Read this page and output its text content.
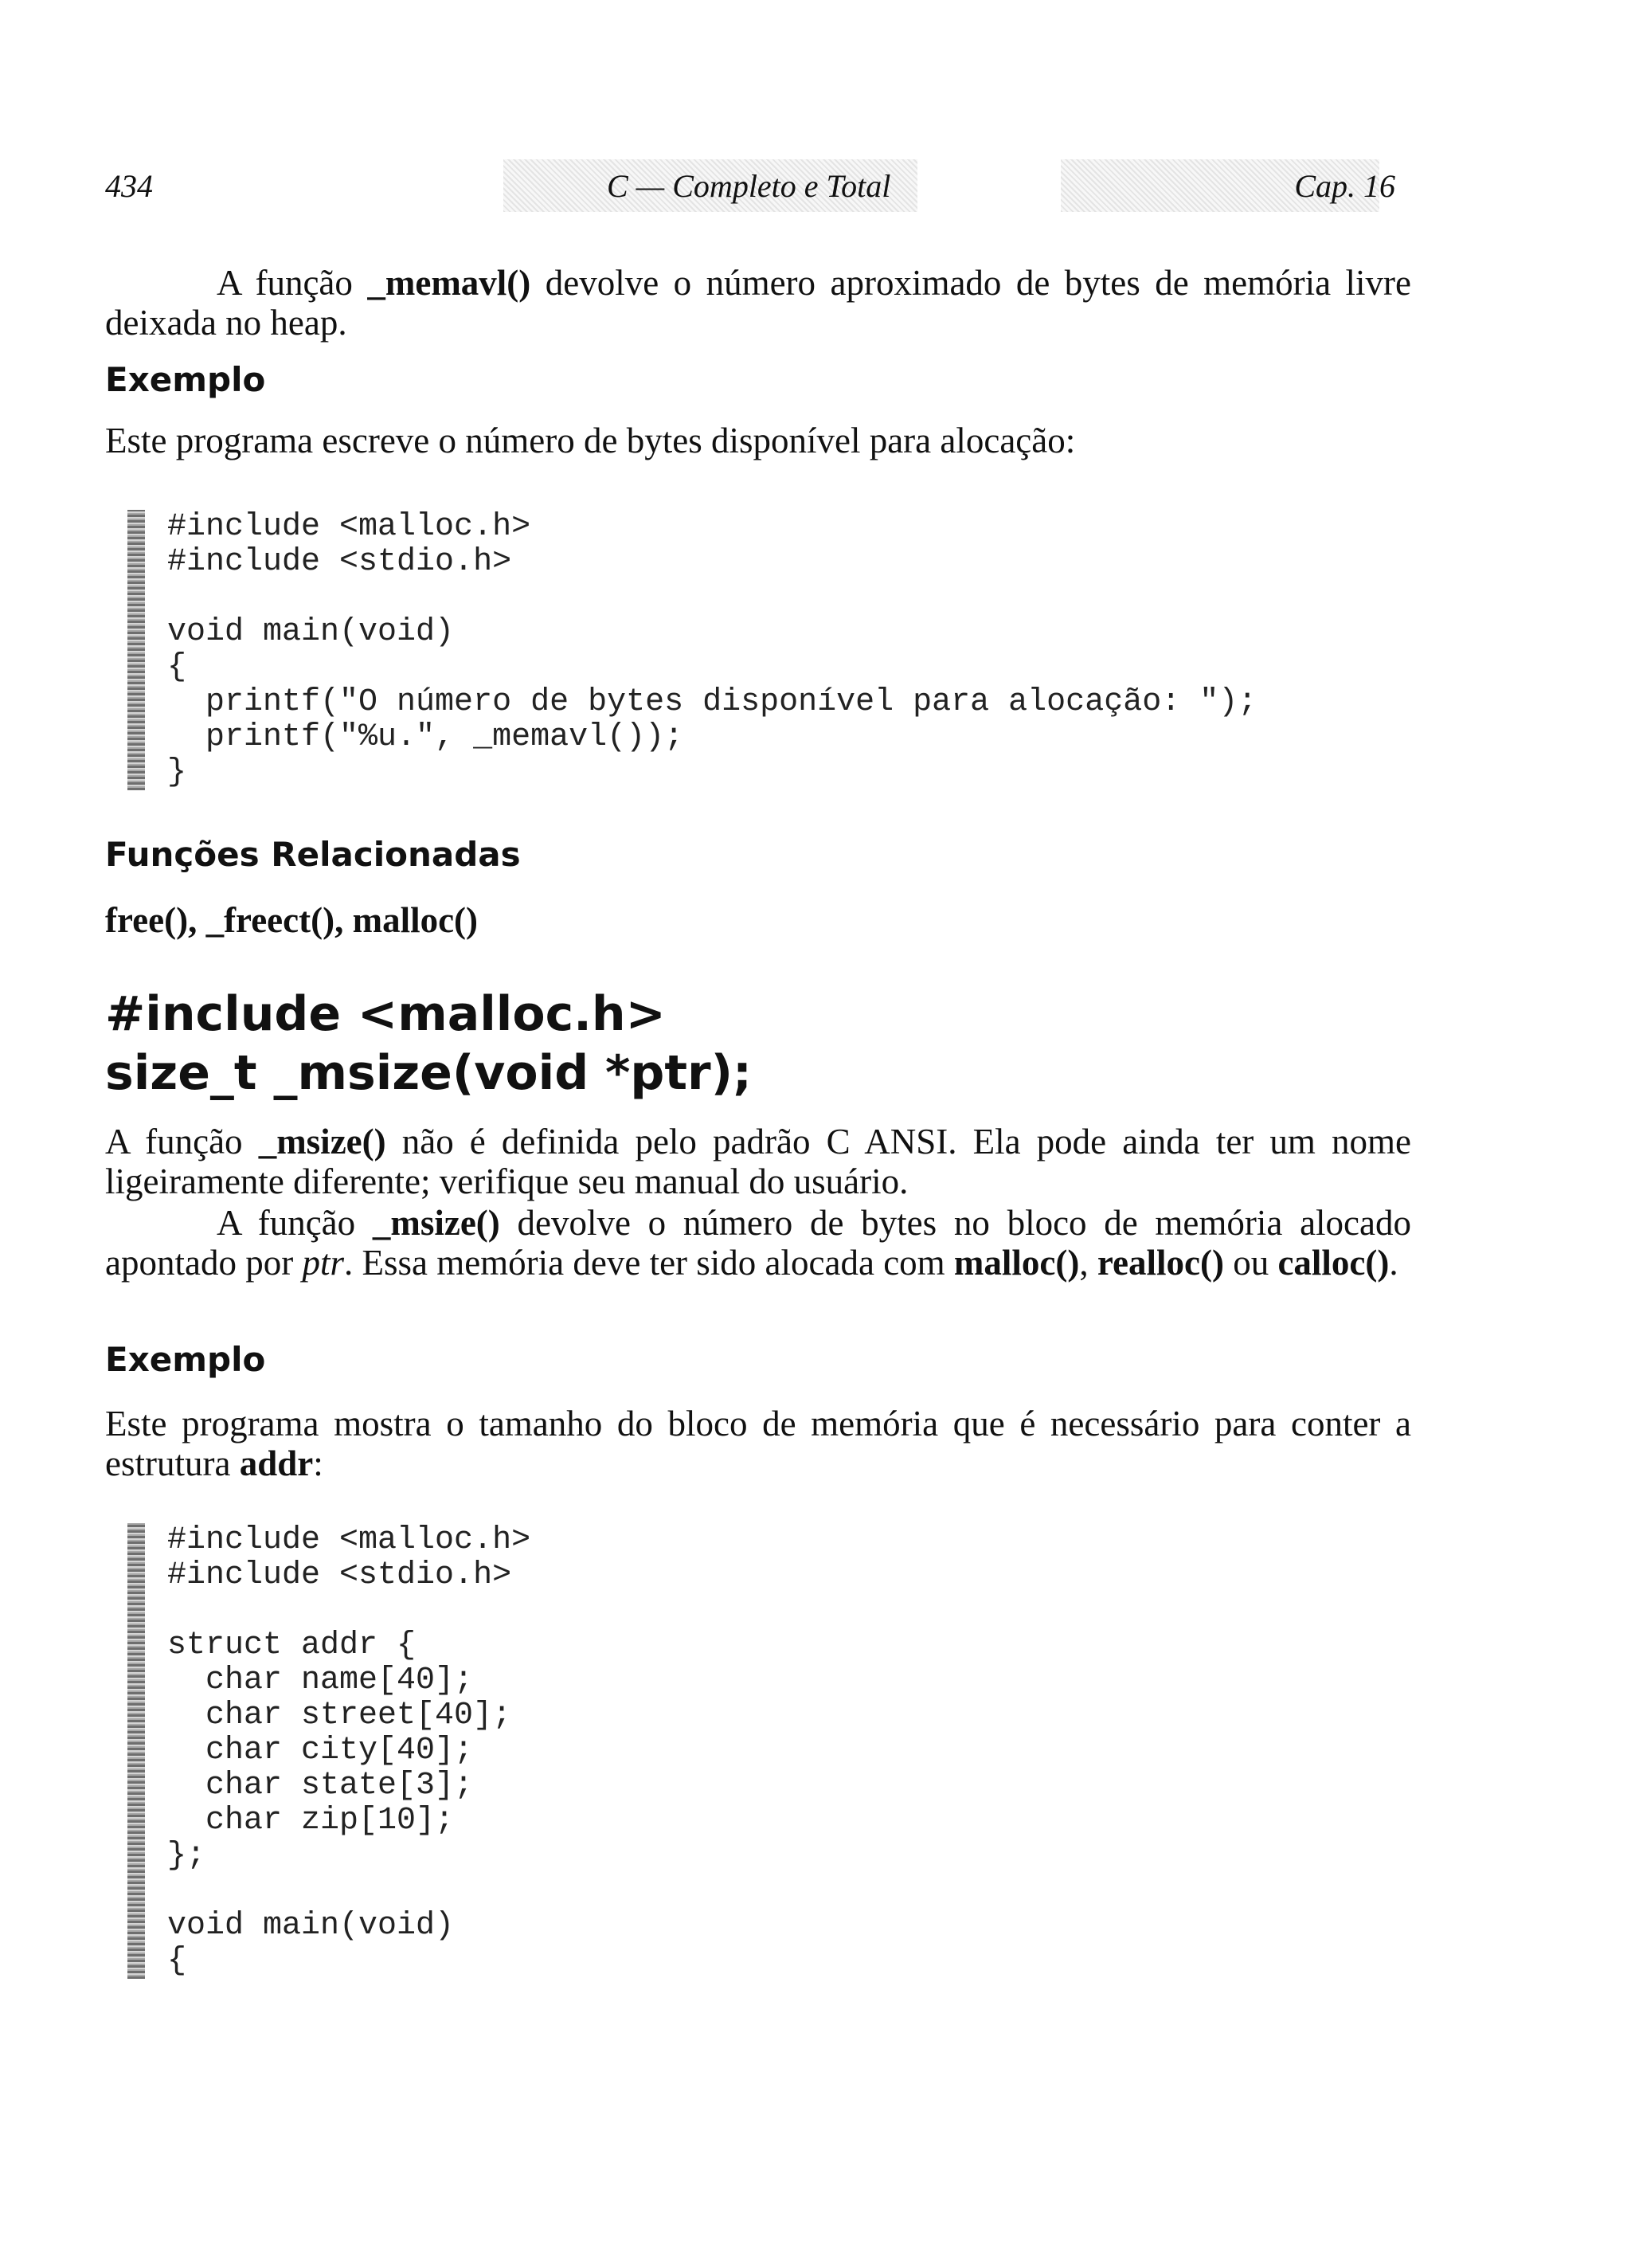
434	C — Completo e Total	Cap. 16

A função _memavl() devolve o número aproximado de bytes de memória livre deixada no heap.

Exemplo

Este programa escreve o número de bytes disponível para alocação:

#include <malloc.h>
#include <stdio.h>

void main(void)
{
printf("O número de bytes disponível para alocação: ");
printf("%u.", _memavl());
}
Funções Relacionadas

free(), _freect(), malloc()

#include <malloc.h>
size_t _msize(void *ptr);

A função _msize() não é definida pelo padrão C ANSI. Ela pode ainda ter um nome ligeiramente diferente; verifique seu manual do usuário.

A função _msize() devolve o número de bytes no bloco de memória alocado apontado por ptr. Essa memória deve ter sido alocada com malloc(), realloc() ou calloc().

Exemplo

Este programa mostra o tamanho do bloco de memória que é necessário para conter a estrutura addr:

#include <malloc.h>
#include <stdio.h>

struct addr {
char name[40];
char street[40];
char city[40];
char state[3];
char zip[10];
};

void main(void)
{
